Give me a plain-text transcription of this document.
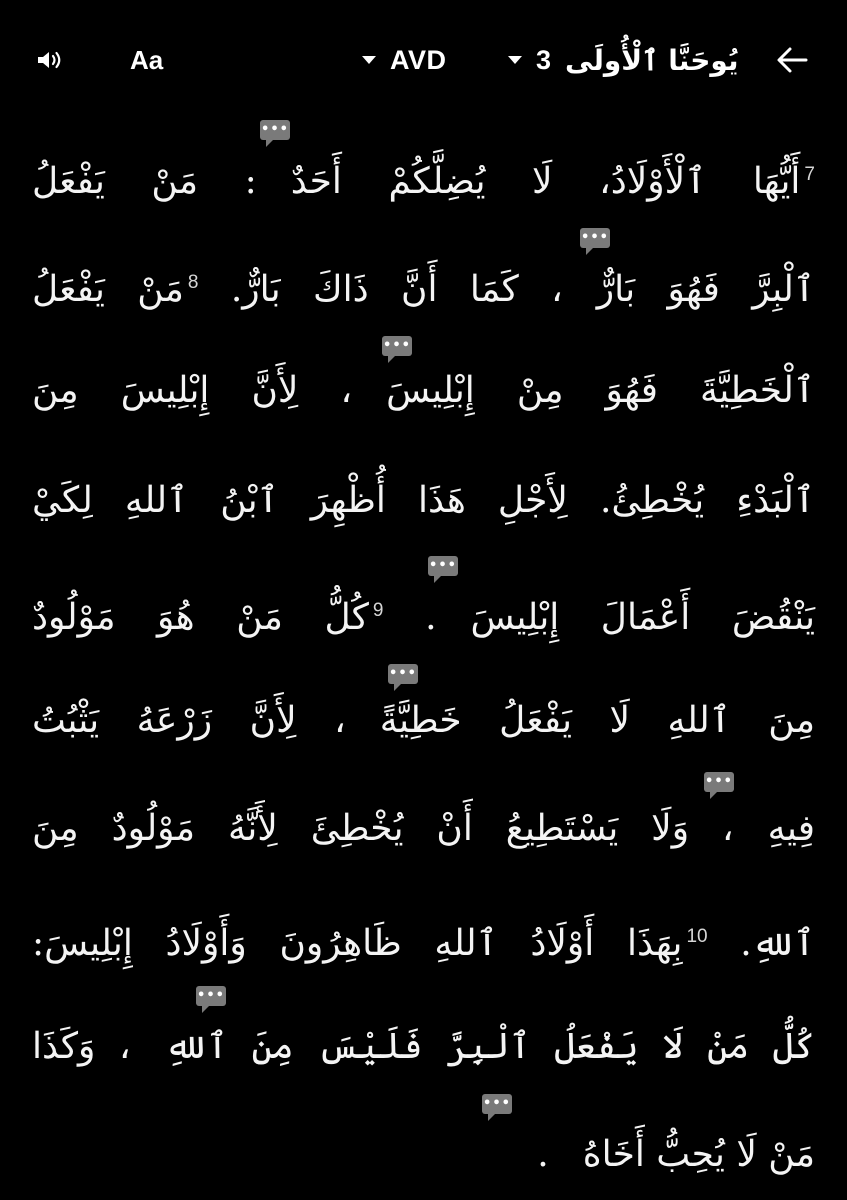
Aa	AVD	3 يُوحَنَّا ٱلْأُولَى
$^7$أَيُّهَا ٱلْأَوْلَادُ، لَا يُضِلَّكُمْ أَحَدٌ: مَنْ يَفْعَلُ
•••
ٱلْبِرَّ فَهُوَ بَارٌّ، كَمَا أَنَّ ذَاكَ بَارٌّ. $^8$مَنْ يَفْعَلُ
•••
ٱلْخَطِيَّةَ فَهُوَ مِنْ إِبْلِيسَ، لِأَنَّ إِبْلِيسَ مِنَ
•••
ٱلْبَدْءِ يُخْطِئُ. لِأَجْلِ هَذَا أُظْهِرَ ٱبْنُ ٱللهِ لِكَيْ
يَنْقُضَ أَعْمَالَ إِبْلِيسَ. $^9$كُلُّ مَنْ هُوَ مَوْلُودٌ
•••
مِنَ ٱللهِ لَا يَفْعَلُ خَطِيَّةً، لِأَنَّ زَرْعَهُ يَثْبُتُ
•••
فِيهِ، وَلَا يَسْتَطِيعُ أَنْ يُخْطِئَ لِأَنَّهُ مَوْلُودٌ مِنَ
•••
ٱللهِ. $^{10}$بِهَذَا أَوْلَادُ ٱللهِ ظَاهِرُونَ وَأَوْلَادُ إِبْلِيسَ:
كُلُّ مَنْ لَا يَفْعَلُ ٱلْبِرَّ فَلَيْسَ مِنَ ٱللهِ، وَكَذَا
•••
مَنْ لَا يُحِبُّ أَخَاهُ.
•••
